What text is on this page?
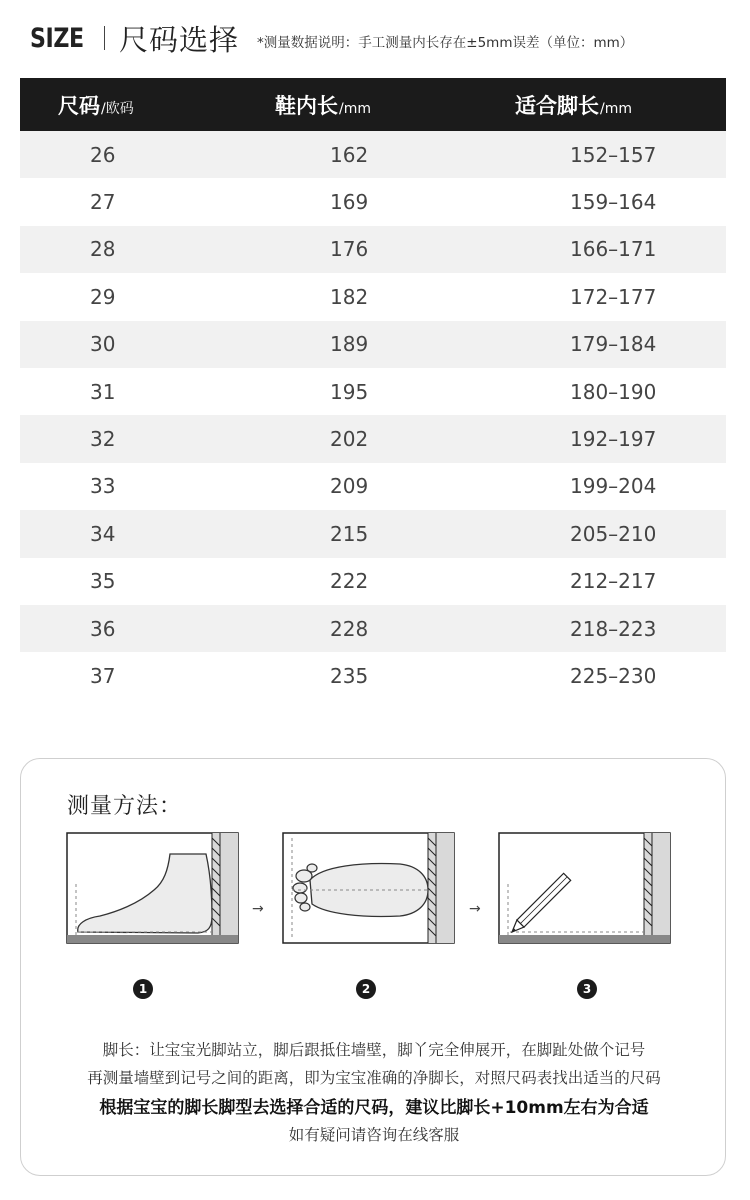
SIZE 尺码选择 *测量数据说明：手工测量内长存在±5mm误差（单位：mm）
尺码 /欧码	鞋内长 /mm	适合脚长 /mm
26	162	152–157
27	169	159–164
28	176	166–171
29	182	172–177
30	189	179–184
31	195	180–190
32	202	192–197
33	209	199–204
34	215	205–210
35	222	212–217
36	228	218–223
37	235	225–230
测量方法：
→	→
1	2	3
脚长：让宝宝光脚站立，脚后跟抵住墙壁，脚丫完全伸展开，在脚趾处做个记号
再测量墙壁到记号之间的距离，即为宝宝准确的净脚长，对照尺码表找出适当的尺码
根据宝宝的脚长脚型去选择合适的尺码，建议比脚长+10mm左右为合适
如有疑问请咨询在线客服
